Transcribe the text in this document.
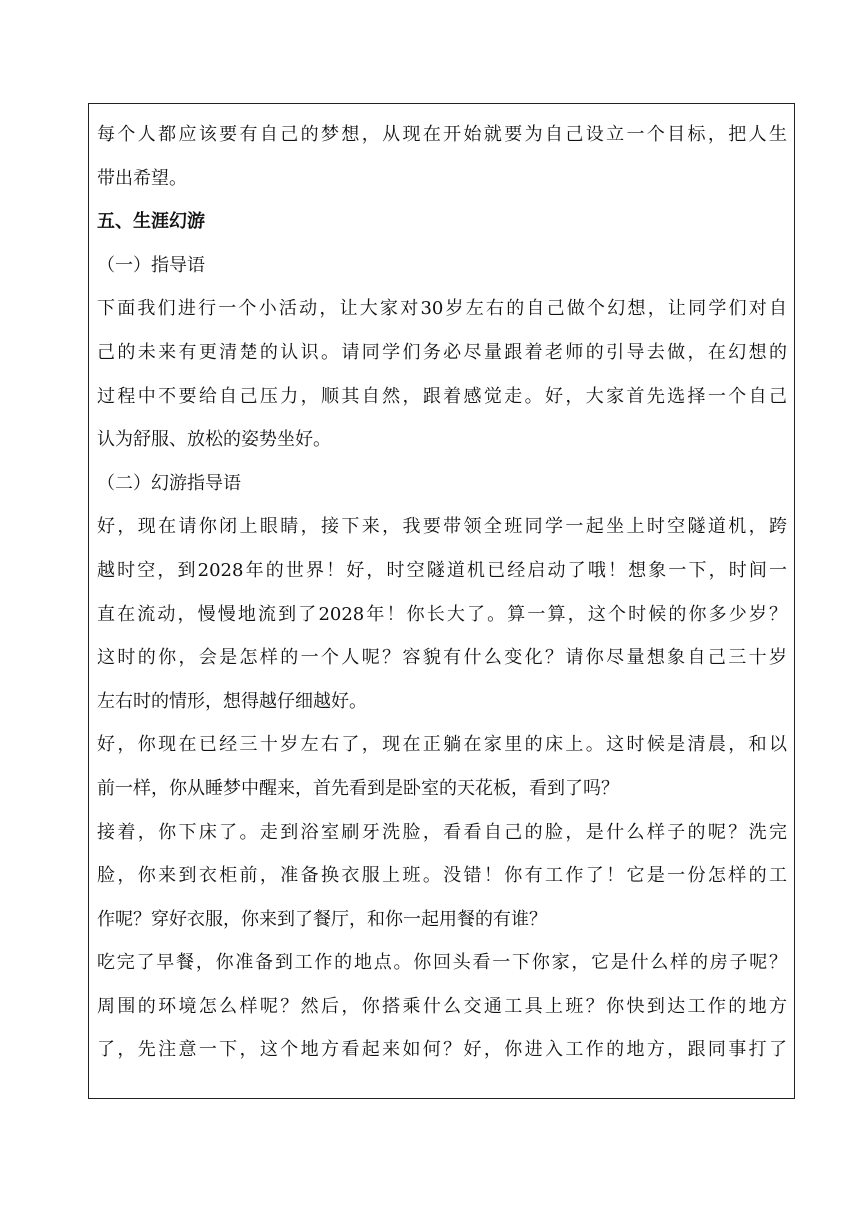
每个人都应该要有自己的梦想，从现在开始就要为自己设立一个目标，把人生
带出希望。
五、生涯幻游
（一）指导语
下面我们进行一个小活动，让大家对30岁左右的自己做个幻想，让同学们对自
己的未来有更清楚的认识。请同学们务必尽量跟着老师的引导去做，在幻想的
过程中不要给自己压力，顺其自然，跟着感觉走。好，大家首先选择一个自己
认为舒服、放松的姿势坐好。
（二）幻游指导语
好，现在请你闭上眼睛，接下来，我要带领全班同学一起坐上时空隧道机，跨
越时空，到2028年的世界！好，时空隧道机已经启动了哦！想象一下，时间一
直在流动，慢慢地流到了2028年！你长大了。算一算，这个时候的你多少岁？
这时的你，会是怎样的一个人呢？容貌有什么变化？请你尽量想象自己三十岁
左右时的情形，想得越仔细越好。
好，你现在已经三十岁左右了，现在正躺在家里的床上。这时候是清晨，和以
前一样，你从睡梦中醒来，首先看到是卧室的天花板，看到了吗？
接着，你下床了。走到浴室刷牙洗脸，看看自己的脸，是什么样子的呢？洗完
脸，你来到衣柜前，准备换衣服上班。没错！你有工作了！它是一份怎样的工
作呢？穿好衣服，你来到了餐厅，和你一起用餐的有谁？
吃完了早餐，你准备到工作的地点。你回头看一下你家，它是什么样的房子呢？
周围的环境怎么样呢？然后，你搭乘什么交通工具上班？你快到达工作的地方
了，先注意一下，这个地方看起来如何？好，你进入工作的地方，跟同事打了
